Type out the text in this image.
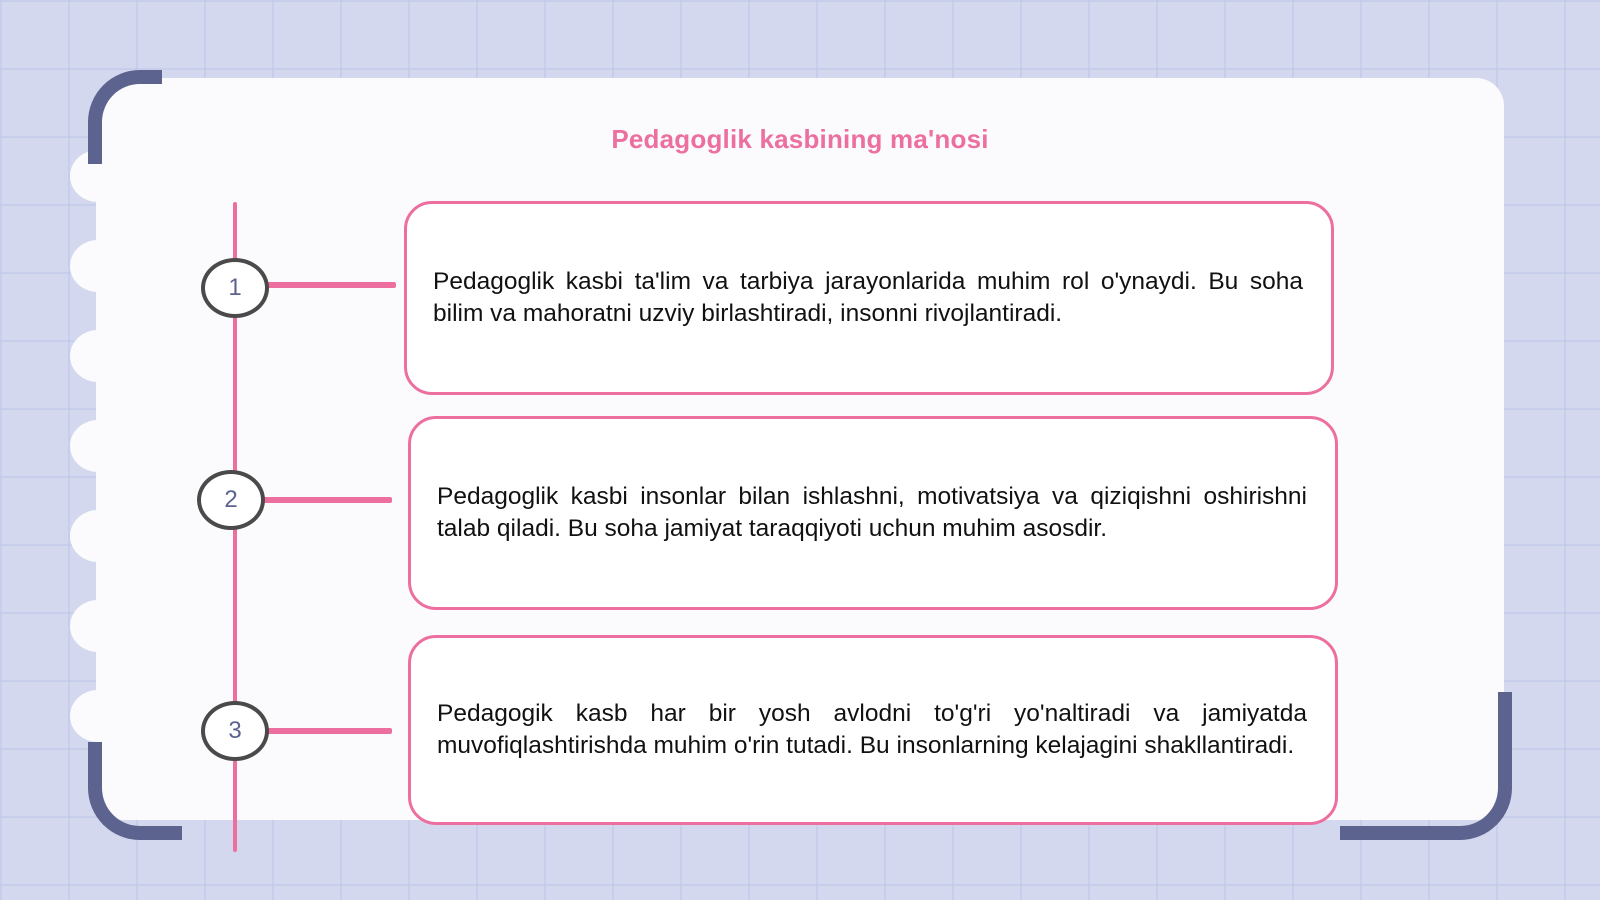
Pedagoglik kasbining ma'nosi
1
2
3
Pedagoglik kasbi ta'lim va tarbiya jarayonlarida muhim rol o'ynaydi. Bu soha bilim va mahoratni uzviy birlashtiradi, insonni rivojlantiradi.
Pedagoglik kasbi insonlar bilan ishlashni, motivatsiya va qiziqishni oshirishni talab qiladi. Bu soha jamiyat taraqqiyoti uchun muhim asosdir.
Pedagogik kasb har bir yosh avlodni to'g'ri yo'naltiradi va jamiyatda muvofiqlashtirishda muhim o'rin tutadi. Bu insonlarning kelajagini shakllantiradi.
